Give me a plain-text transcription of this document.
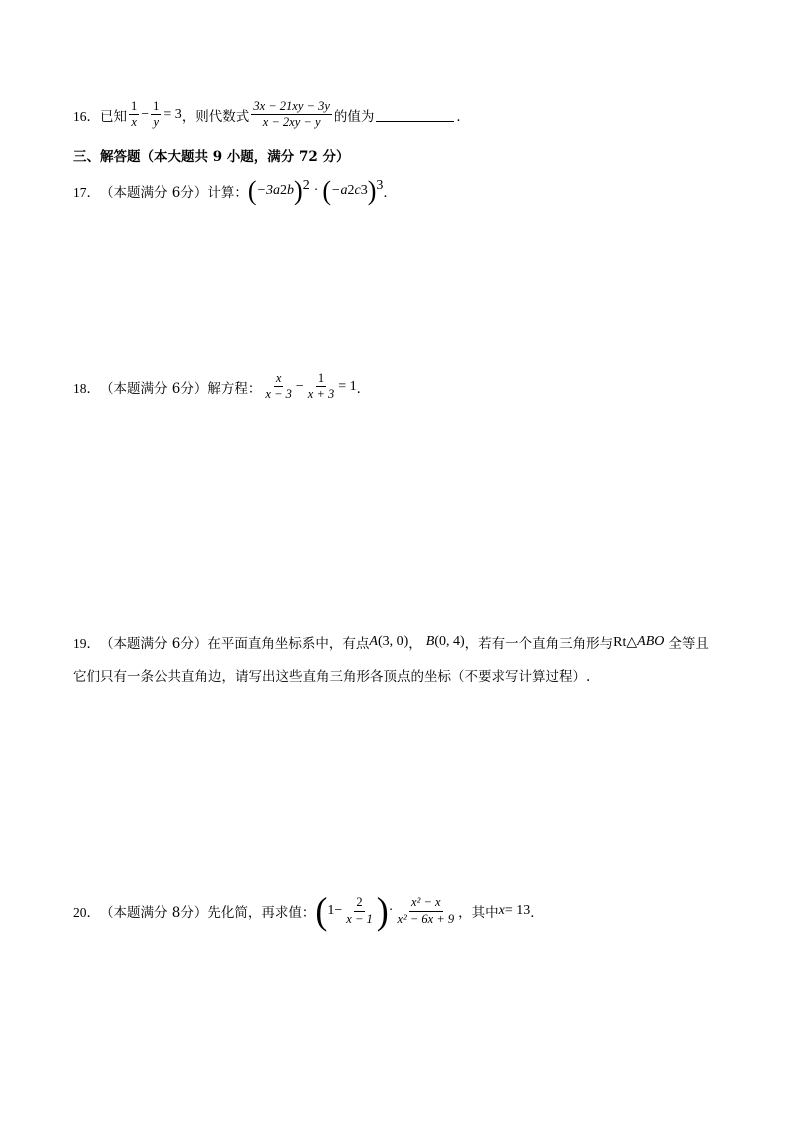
16． 已知 $\frac{1}{x} - \frac{1}{y} = 3$ ，则代数式 $\frac{3x - 21xy - 3y}{x - 2xy - y}$ 的值为	．
三、解答题（本大题共 9 小题，满分 72 分）
17． （本题满分 6分）计算： ( −3a 2 b ) 2 · ( −a 2 c 3 ) 3 ．
18． （本题满分 6分）解方程： $\frac{x}{x - 3} - \frac{1}{x + 3} = 1$ ．
19． （本题满分 6分）在平面直角坐标系中，有点 A (3, 0) ， B (0, 4) ，若有一个直角三角形与 Rt△ ABO 全等且
它们只有一条公共直角边，请写出这些直角三角形各顶点的坐标（不要求写计算过程）.
20． （本题满分 8分）先化简，再求值： ( $1- \frac{2}{x - 1}$ ) · $\frac{\text{x² − x}}{\text{x² − 6x + 9}}$ ，其中 x = 13 ．
